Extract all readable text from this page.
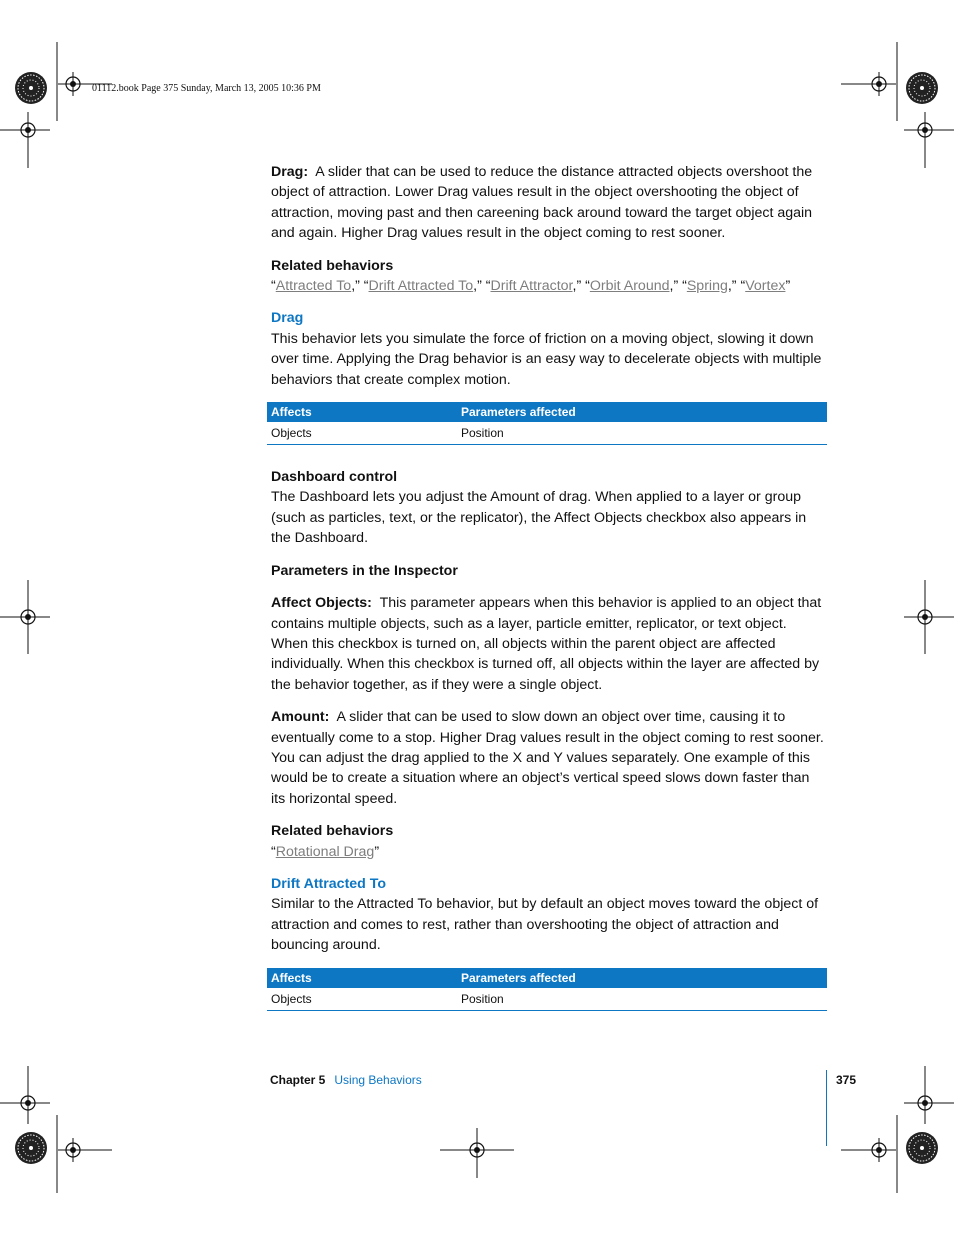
01112.book Page 375 Sunday, March 13, 2005 10:36 PM

Drag: A slider that can be used to reduce the distance attracted objects overshoot the object of attraction. Lower Drag values result in the object overshooting the object of attraction, moving past and then careening back around toward the target object again and again. Higher Drag values result in the object coming to rest sooner.

Related behaviors

“Attracted To,” “Drift Attracted To,” “Drift Attractor,” “Orbit Around,” “Spring,” “Vortex”

Drag

This behavior lets you simulate the force of friction on a moving object, slowing it down over time. Applying the Drag behavior is an easy way to decelerate objects with multiple behaviors that create complex motion.

Affects	Parameters affected
Objects	Position

Dashboard control

The Dashboard lets you adjust the Amount of drag. When applied to a layer or group (such as particles, text, or the replicator), the Affect Objects checkbox also appears in the Dashboard.

Parameters in the Inspector

Affect Objects: This parameter appears when this behavior is applied to an object that contains multiple objects, such as a layer, particle emitter, replicator, or text object. When this checkbox is turned on, all objects within the parent object are affected individually. When this checkbox is turned off, all objects within the layer are affected by the behavior together, as if they were a single object.

Amount: A slider that can be used to slow down an object over time, causing it to eventually come to a stop. Higher Drag values result in the object coming to rest sooner. You can adjust the drag applied to the X and Y values separately. One example of this would be to create a situation where an object’s vertical speed slows down faster than its horizontal speed.

Related behaviors

“Rotational Drag”

Drift Attracted To

Similar to the Attracted To behavior, but by default an object moves toward the object of attraction and comes to rest, rather than overshooting the object of attraction and bouncing around.

Affects	Parameters affected
Objects	Position
Chapter 5 Using Behaviors	375
